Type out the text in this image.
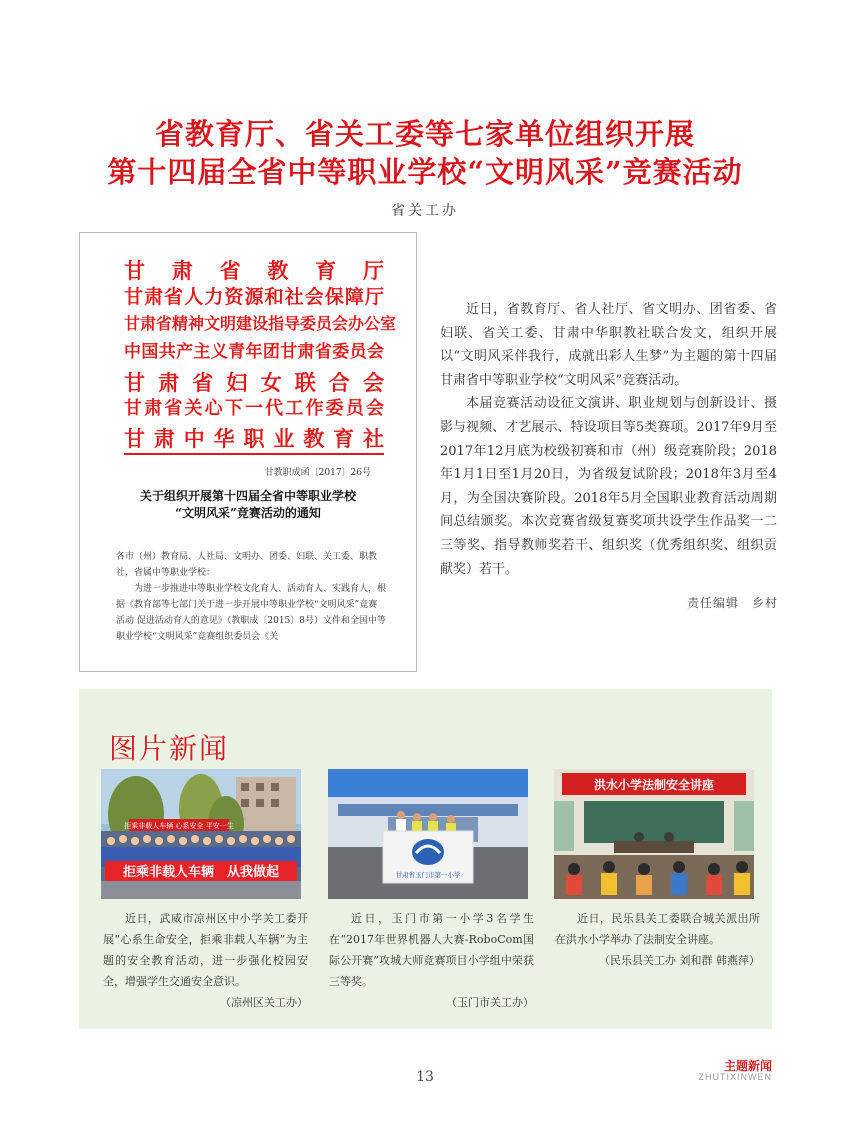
省教育厅、省关工委等七家单位组织开展
第十四届全省中等职业学校“文明风采”竞赛活动
省关工办
甘肃省教育厅
甘肃省人力资源和社会保障厅
甘肃省精神文明建设指导委员会办公室
中国共产主义青年团甘肃省委员会
甘肃省妇女联合会
甘肃省关心下一代工作委员会
甘肃中华职业教育社
甘教职成函〔2017〕26号
关于组织开展第十四届全省中等职业学校
“文明风采”竞赛活动的通知

各市（州）教育局、人社局、文明办、团委、妇联、关工委、职教社，省属中等职业学校：

为进一步推进中等职业学校文化育人、活动育人、实践育人，根据《教育部等七部门关于进一步开展中等职业学校“文明风采”竞赛活动 促进活动育人的意见》（教职成〔2015〕8号）文件和全国中等职业学校“文明风采”竞赛组织委员会《关

近日，省教育厅、省人社厅、省文明办、团省委、省妇联、省关工委、甘肃中华职教社联合发文，组织开展以“文明风采伴我行，成就出彩人生梦”为主题的第十四届甘肃省中等职业学校“文明风采”竞赛活动。

本届竞赛活动设征文演讲、职业规划与创新设计、摄影与视频、才艺展示、特设项目等5类赛项。2017年9月至2017年12月底为校级初赛和市（州）级竞赛阶段；2018年1月1日至1月20日，为省级复试阶段；2018年3月至4月，为全国决赛阶段。2018年5月全国职业教育活动周期间总结颁奖。本次竞赛省级复赛奖项共设学生作品奖一二三等奖、指导教师奖若干、组织奖（优秀组织奖、组织贡献奖）若干。

责任编辑　乡村
图片新闻
拒乘非载人车辆 心系安全 平安一生
拒乘非载人车辆　从我做起	甘肃省玉门市第一小学
洪水小学法制安全讲座

近日，武威市凉州区中小学关工委开展“心系生命安全，拒乘非载人车辆”为主题的安全教育活动，进一步强化校园安全，增强学生交通安全意识。

（凉州区关工办）

近日，玉门市第一小学3名学生在“2017年世界机器人大赛-RoboCom国际公开赛”攻城大师竞赛项目小学组中荣获三等奖。

（玉门市关工办）

近日，民乐县关工委联合城关派出所在洪水小学举办了法制安全讲座。

（民乐县关工办 刘和群 韩燕萍）

13
主题新闻
ZHUTIXINWEN
